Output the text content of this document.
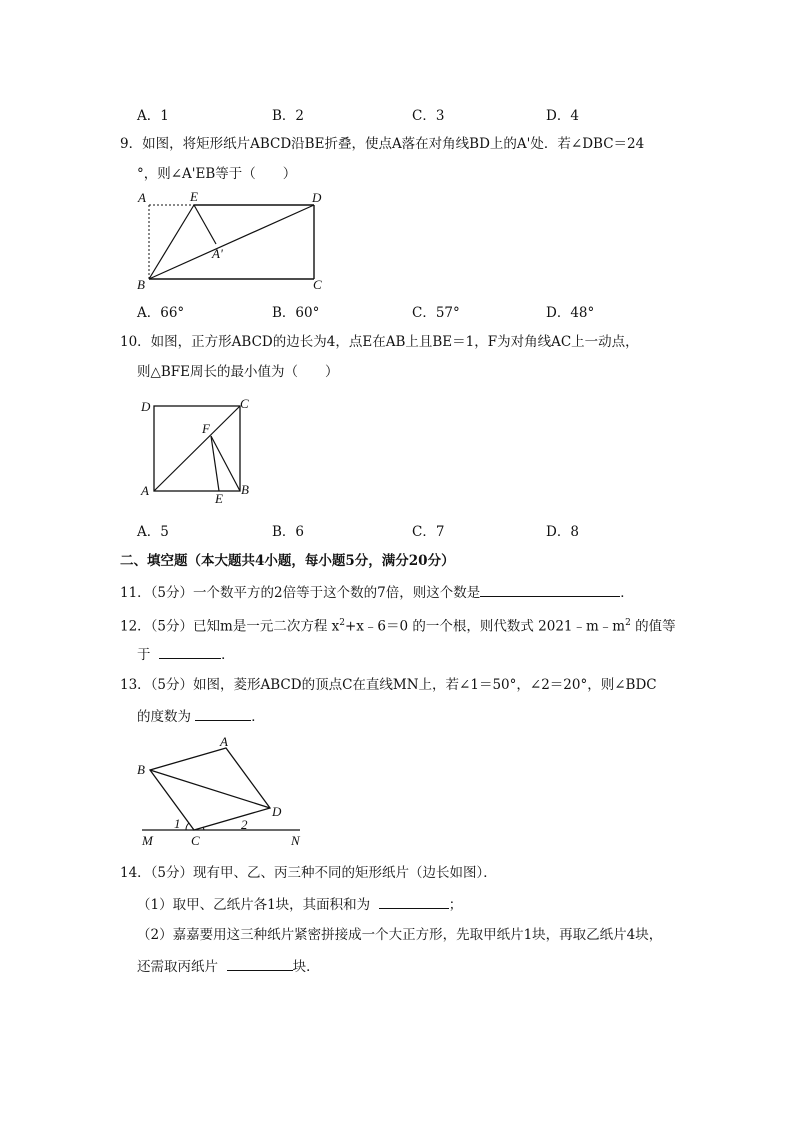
A．1	B．2	C．3	D．4
9．如图，将矩形纸片ABCD沿BE折叠，使点A落在对角线BD上的A'处．若∠DBC＝24
°，则∠A'EB等于（　　）
A	E	D
A'
B	C
A．66°	B．60°	C．57°	D．48°
10．如图，正方形ABCD的边长为4，点E在AB上且BE＝1，F为对角线AC上一动点，
则△BFE周长的最小值为（　　）
D	C
F
A
E
B
A．5	B．6	C．7	D．8
二、填空题（本大题共4小题，每小题5分，满分20分）
11．（5分）一个数平方的2倍等于这个数的7倍，则这个数是	．
12．（5分）已知m是一元二次方程 $x^2+x﹣6=0$ 的一个根，则代数式 $2021﹣m﹣m^2$ 的值等
于	．
13．（5分）如图，菱形ABCD的顶点C在直线MN上，若∠1＝50°，∠2＝20°，则∠BDC
的度数为	．
A
B
D
C
M	N
1	2
14．（5分）现有甲、乙、丙三种不同的矩形纸片（边长如图）．
（1）取甲、乙纸片各1块，其面积和为	；
（2）嘉嘉要用这三种纸片紧密拼接成一个大正方形，先取甲纸片1块，再取乙纸片4块，
还需取丙纸片	块．
